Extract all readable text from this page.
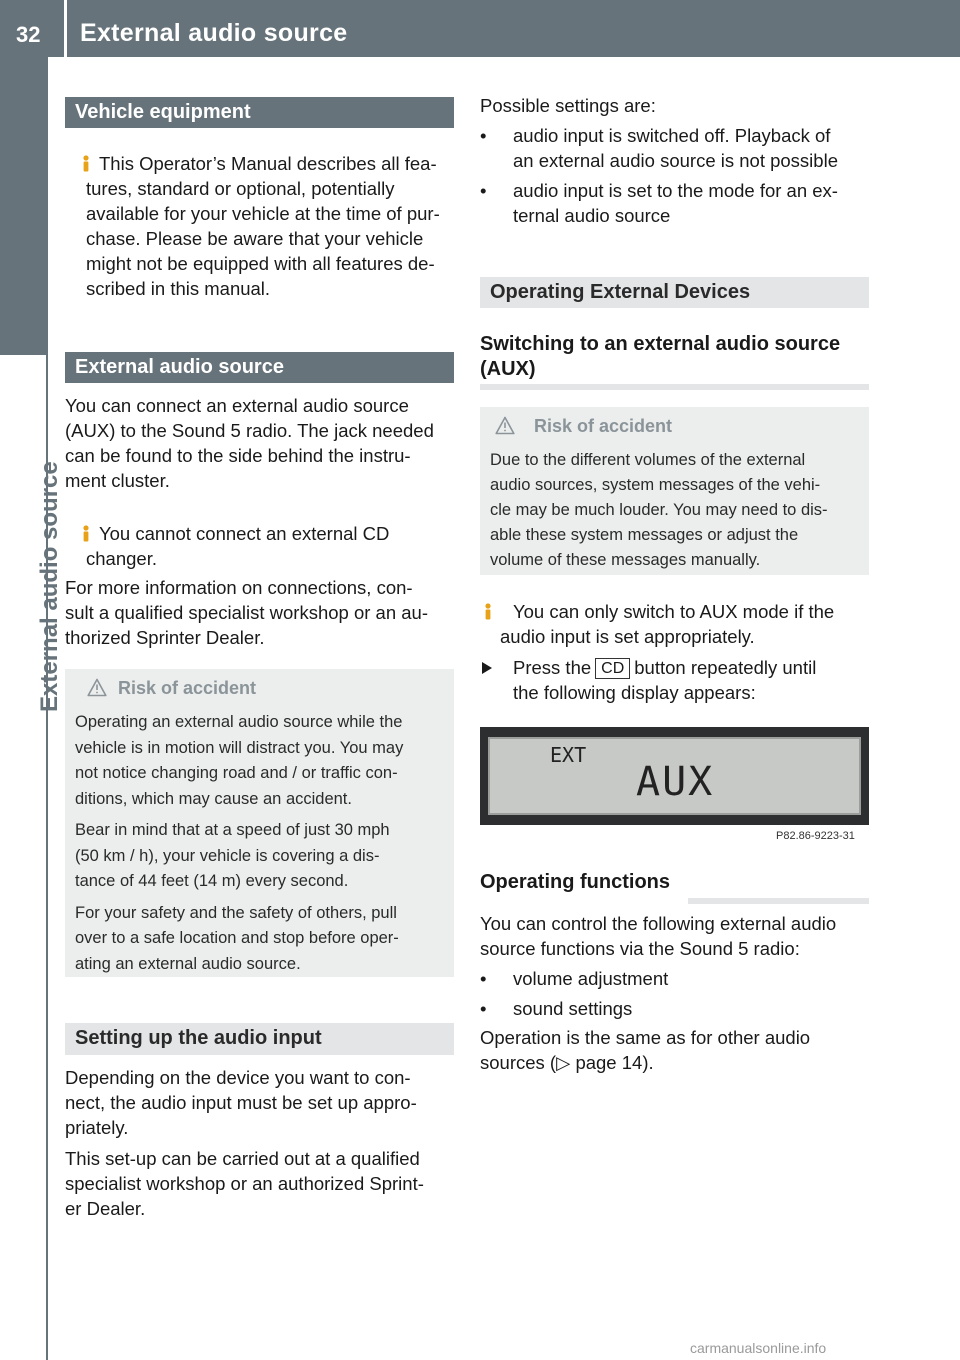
32 External audio source
External audio source
Vehicle equipment
This Operator’s Manual describes all fea-
tures, standard or optional, potentially
available for your vehicle at the time of pur-
chase. Please be aware that your vehicle
might not be equipped with all features de-
scribed in this manual.
External audio source
You can connect an external audio source
(AUX) to the Sound 5 radio. The jack needed
can be found to the side behind the instru-
ment cluster.
You cannot connect an external CD
changer.
For more information on connections, con-
sult a qualified specialist workshop or an au-
thorized Sprinter Dealer.
Risk of accident
Operating an external audio source while the
vehicle is in motion will distract you. You may
not notice changing road and / or traffic con-
ditions, which may cause an accident.
Bear in mind that at a speed of just 30 mph
(50 km / h), your vehicle is covering a dis-
tance of 44 feet (14 m) every second.
For your safety and the safety of others, pull
over to a safe location and stop before oper-
ating an external audio source.
Setting up the audio input
Depending on the device you want to con-
nect, the audio input must be set up appro-
priately.
This set-up can be carried out at a qualified
specialist workshop or an authorized Sprint-
er Dealer.
Possible settings are:
•	audio input is switched off. Playback of
an external audio source is not possible
•	audio input is set to the mode for an ex-
ternal audio source
Operating External Devices
Switching to an external audio source
(AUX)
Risk of accident
Due to the different volumes of the external
audio sources, system messages of the vehi-
cle may be much louder. You may need to dis-
able these system messages or adjust the
volume of these messages manually.
You can only switch to AUX mode if the
audio input is set appropriately.
Press the CD button repeatedly until
the following display appears:
EXT
AUX
P82.86-9223-31
Operating functions
You can control the following external audio
source functions via the Sound 5 radio:
•	volume adjustment
•	sound settings
Operation is the same as for other audio
sources (▷ page 14).
carmanualsonline.info
